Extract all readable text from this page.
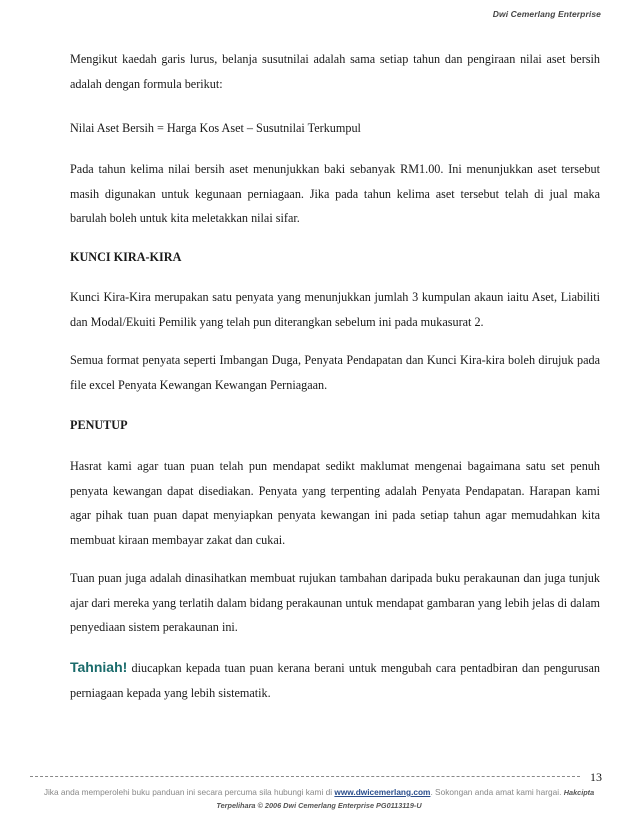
Dwi Cemerlang Enterprise

Mengikut kaedah garis lurus, belanja susutnilai adalah sama setiap tahun dan pengiraan nilai aset bersih adalah dengan formula berikut:

Nilai Aset Bersih = Harga Kos Aset – Susutnilai Terkumpul

Pada tahun kelima nilai bersih aset menunjukkan baki sebanyak RM1.00. Ini menunjukkan aset tersebut masih digunakan untuk kegunaan perniagaan. Jika pada tahun kelima aset tersebut telah di jual maka barulah boleh untuk kita meletakkan nilai sifar.

KUNCI KIRA-KIRA

Kunci Kira-Kira merupakan satu penyata yang menunjukkan jumlah 3 kumpulan akaun iaitu Aset, Liabiliti dan Modal/Ekuiti Pemilik yang telah pun diterangkan sebelum ini pada mukasurat 2.

Semua format penyata seperti Imbangan Duga, Penyata Pendapatan dan Kunci Kira-kira boleh dirujuk pada file excel Penyata Kewangan Kewangan Perniagaan.

PENUTUP

Hasrat kami agar tuan puan telah pun mendapat sedikt maklumat mengenai bagaimana satu set penuh penyata kewangan dapat disediakan. Penyata yang terpenting adalah Penyata Pendapatan. Harapan kami agar pihak tuan puan dapat menyiapkan penyata kewangan ini pada setiap tahun agar memudahkan kita membuat kiraan membayar zakat dan cukai.

Tuan puan juga adalah dinasihatkan membuat rujukan tambahan daripada buku perakaunan dan juga tunjuk ajar dari mereka yang terlatih dalam bidang perakaunan untuk mendapat gambaran yang lebih jelas di dalam penyediaan sistem perakaunan ini.

Tahniah! diucapkan kepada tuan puan kerana berani untuk mengubah cara pentadbiran dan pengurusan perniagaan kepada yang lebih sistematik.

13
Jika anda memperolehi buku panduan ini secara percuma sila hubungi kami di www.dwicemerlang.com. Sokongan anda amat kami hargai. Hakcipta Terpelihara © 2006 Dwi Cemerlang Enterprise PG0113119-U
